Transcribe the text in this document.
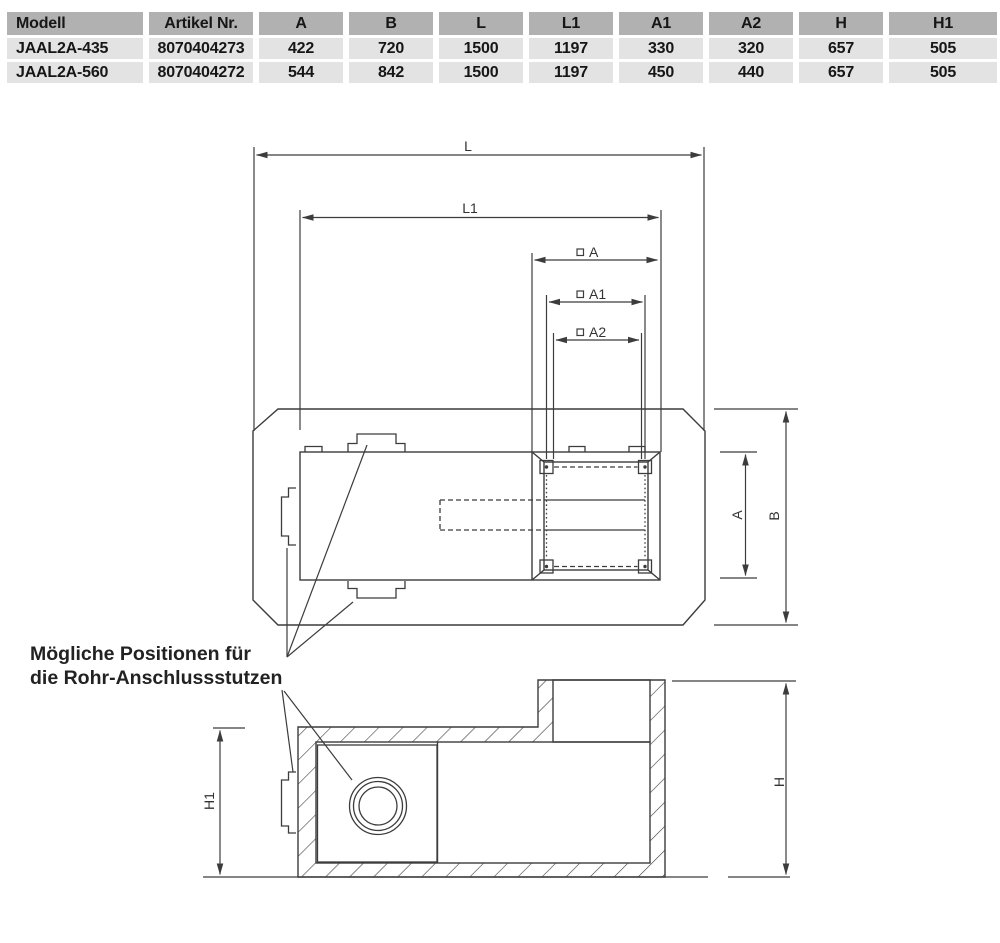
L
L1
A
A1
A2
A B
H1
H
Mögliche Positionen für
die Rohr-Anschlussstutzen
Modell	Artikel Nr.	A	B	L	L1	A1	A2	H	H1
JAAL2A-435	8070404273	422	720	1500	1197	330	320	657	505
JAAL2A-560	8070404272	544	842	1500	1197	450	440	657	505
